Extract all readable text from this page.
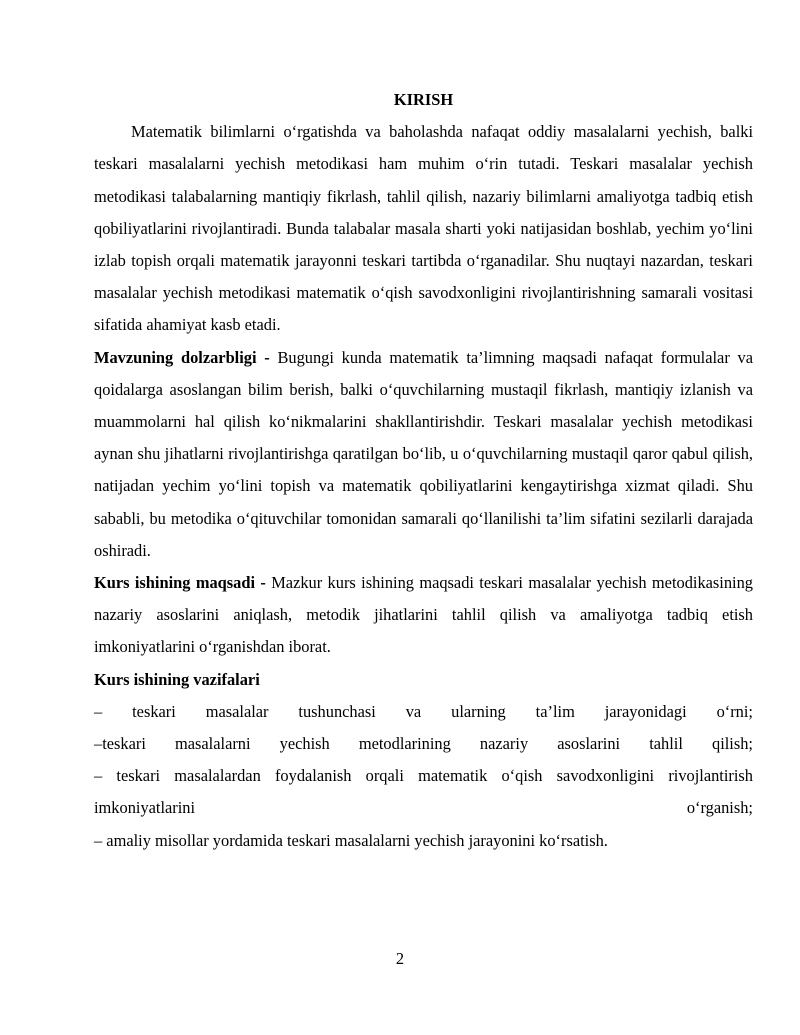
KIRISH

Matematik bilimlarni o‘rgatishda va baholashda nafaqat oddiy masalalarni yechish, balki teskari masalalarni yechish metodikasi ham muhim o‘rin tutadi. Teskari masalalar yechish metodikasi talabalarning mantiqiy fikrlash, tahlil qilish, nazariy bilimlarni amaliyotga tadbiq etish qobiliyatlarini rivojlantiradi. Bunda talabalar masala sharti yoki natijasidan boshlab, yechim yo‘lini izlab topish orqali matematik jarayonni teskari tartibda o‘rganadilar. Shu nuqtayi nazardan, teskari masalalar yechish metodikasi matematik o‘qish savodxonligini rivojlantirishning samarali vositasi sifatida ahamiyat kasb etadi.

Mavzuning dolzarbligi - Bugungi kunda matematik ta’limning maqsadi nafaqat formulalar va qoidalarga asoslangan bilim berish, balki o‘quvchilarning mustaqil fikrlash, mantiqiy izlanish va muammolarni hal qilish ko‘nikmalarini shakllantirishdir. Teskari masalalar yechish metodikasi aynan shu jihatlarni rivojlantirishga qaratilgan bo‘lib, u o‘quvchilarning mustaqil qaror qabul qilish, natijadan yechim yo‘lini topish va matematik qobiliyatlarini kengaytirishga xizmat qiladi. Shu sababli, bu metodika o‘qituvchilar tomonidan samarali qo‘llanilishi ta’lim sifatini sezilarli darajada oshiradi.

Kurs ishining maqsadi - Mazkur kurs ishining maqsadi teskari masalalar yechish metodikasining nazariy asoslarini aniqlash, metodik jihatlarini tahlil qilish va amaliyotga tadbiq etish imkoniyatlarini o‘rganishdan iborat.

Kurs ishining vazifalari

– teskari masalalar tushunchasi va ularning ta’lim jarayonidagi o‘rni;

–teskari masalalarni yechish metodlarining nazariy asoslarini tahlil qilish;

– teskari masalalardan foydalanish orqali matematik o‘qish savodxonligini rivojlantirish imkoniyatlarini o‘rganish;

– amaliy misollar yordamida teskari masalalarni yechish jarayonini ko‘rsatish.

2
